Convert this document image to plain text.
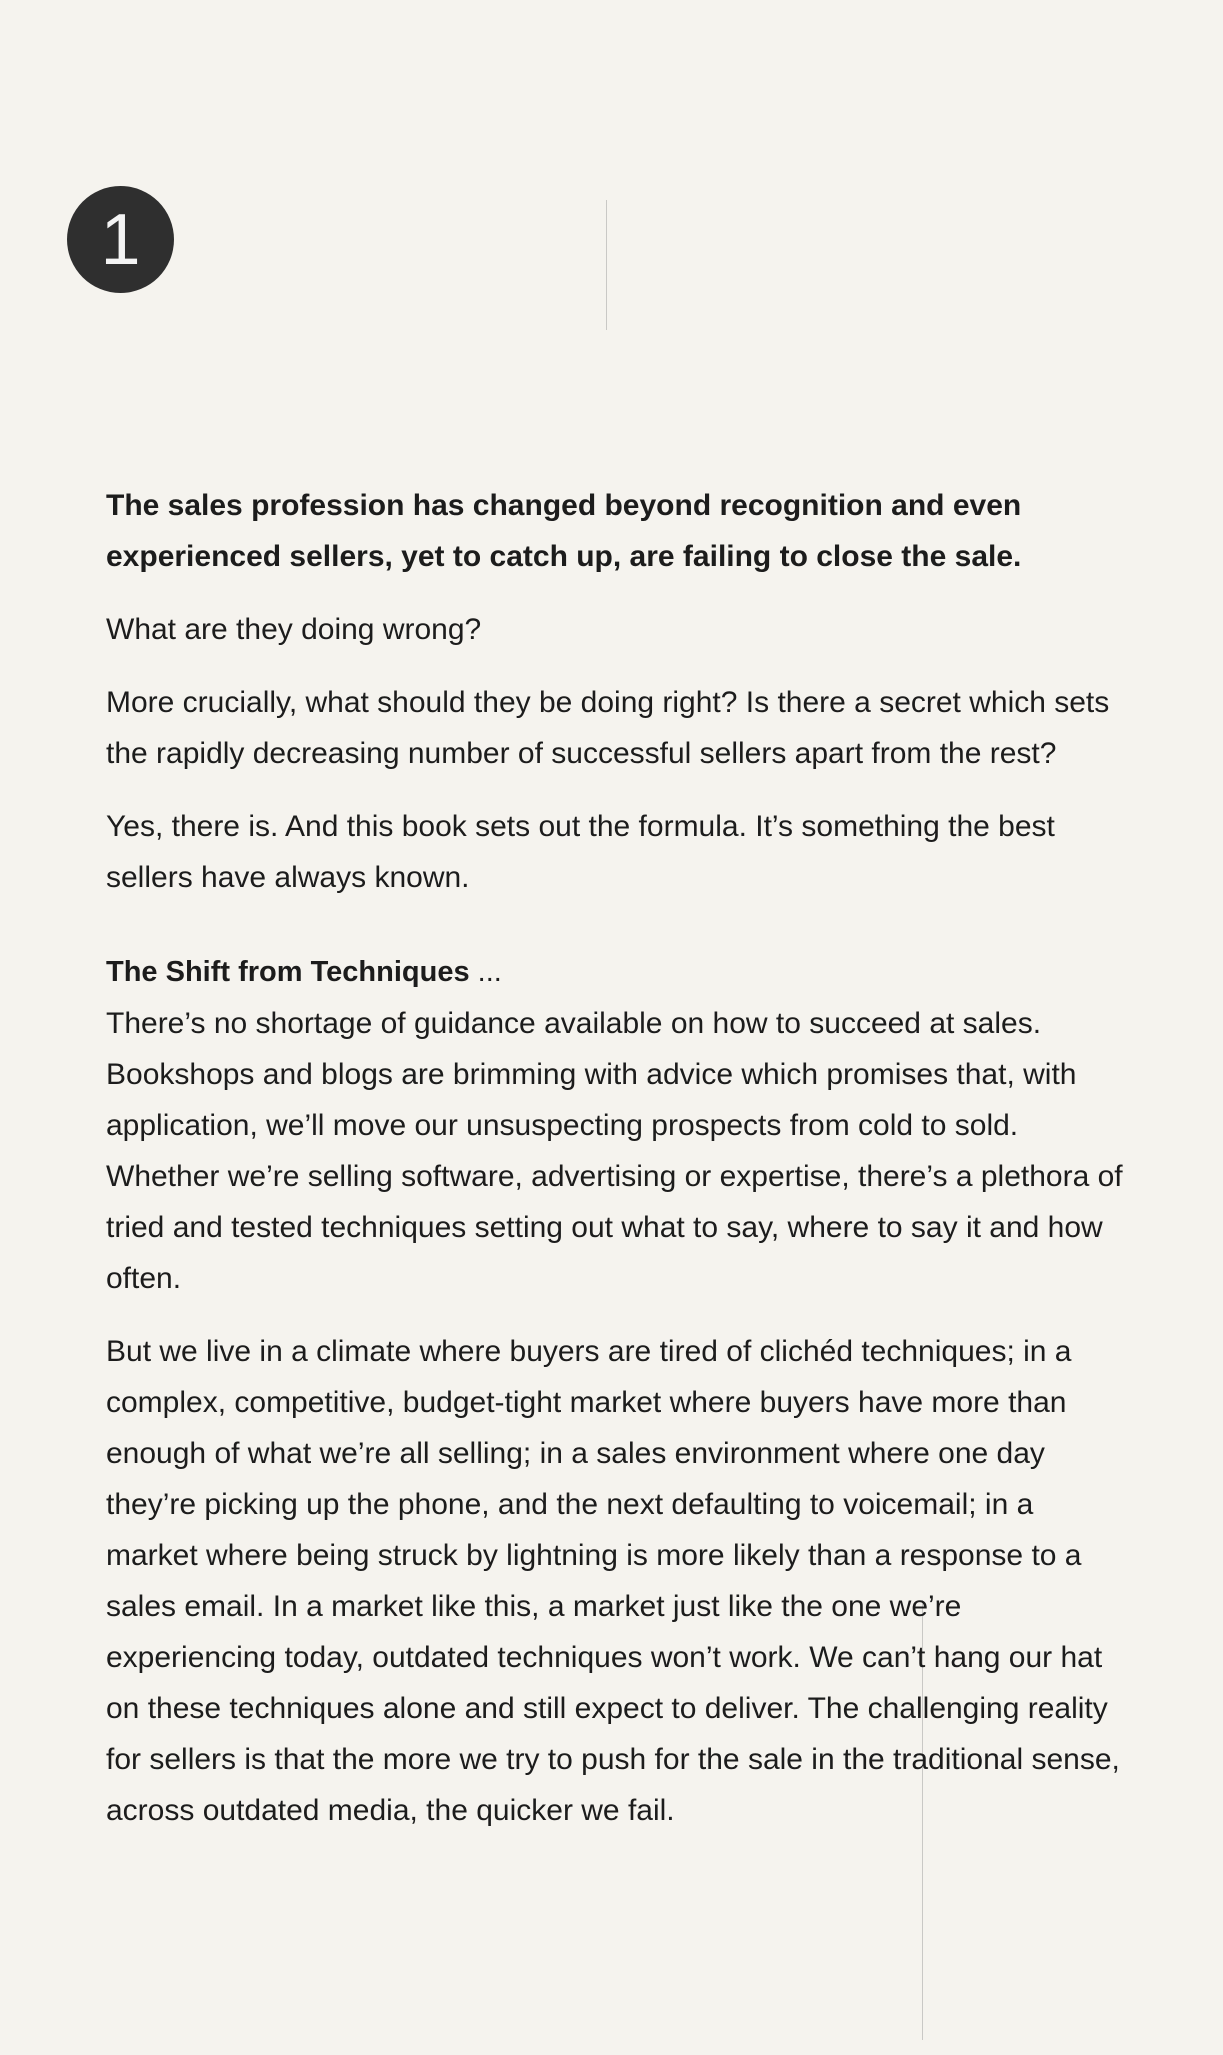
1

The sales profession has changed beyond recognition and even experienced sellers, yet to catch up, are failing to close the sale.

What are they doing wrong?

More crucially, what should they be doing right? Is there a secret which sets the rapidly decreasing number of successful sellers apart from the rest?

Yes, there is. And this book sets out the formula. It’s something the best sellers have always known.

The Shift from Techniques ...

There’s no shortage of guidance available on how to succeed at sales. Bookshops and blogs are brimming with advice which promises that, with application, we’ll move our unsuspecting prospects from cold to sold. Whether we’re selling software, advertising or expertise, there’s a plethora of tried and tested techniques setting out what to say, where to say it and how often.

But we live in a climate where buyers are tired of clichéd techniques; in a complex, competitive, budget-tight market where buyers have more than enough of what we’re all selling; in a sales environment where one day they’re picking up the phone, and the next defaulting to voicemail; in a market where being struck by lightning is more likely than a response to a sales email. In a market like this, a market just like the one we’re experiencing today, outdated techniques won’t work. We can’t hang our hat on these techniques alone and still expect to deliver. The challenging reality for sellers is that the more we try to push for the sale in the traditional sense, across outdated media, the quicker we fail.
